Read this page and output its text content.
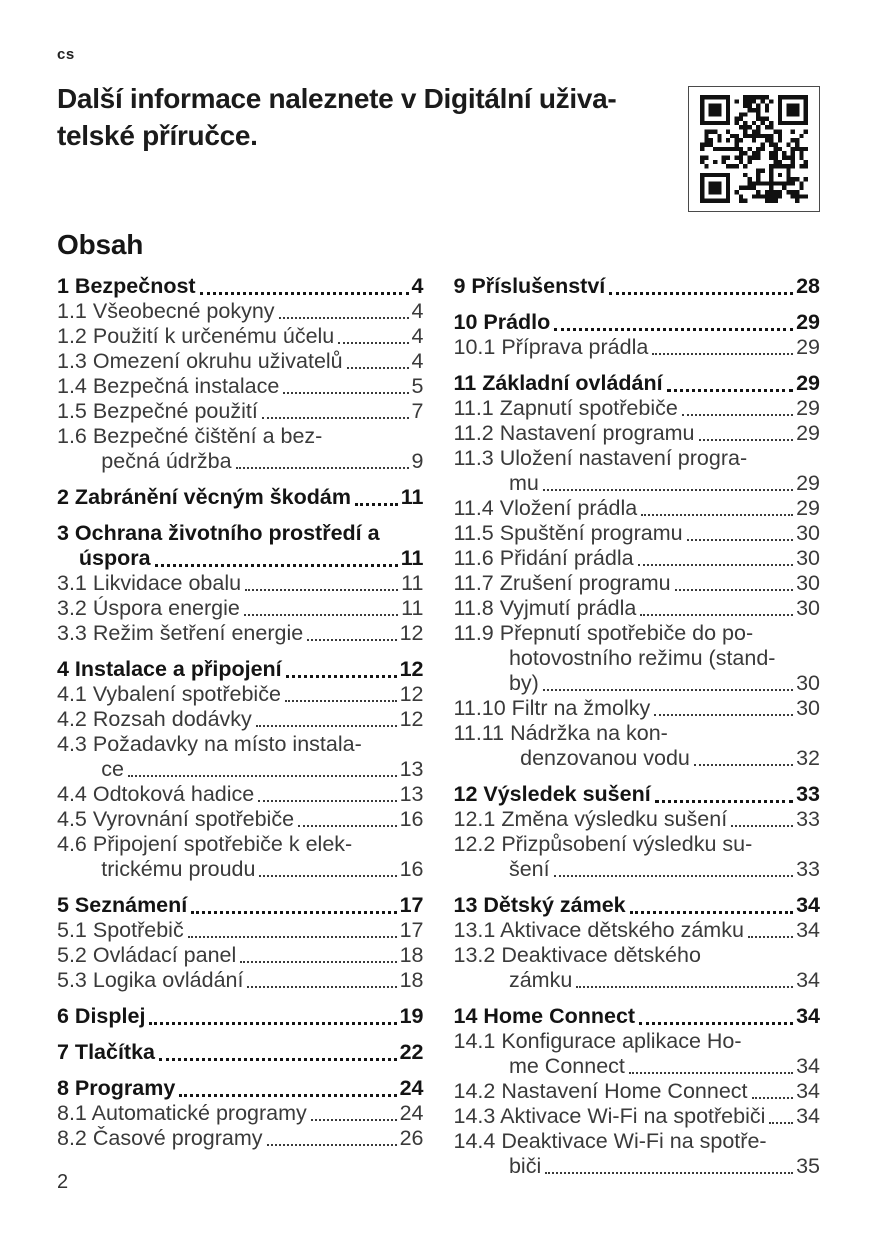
cs
Další informace naleznete v Digitální uživa-
telské příručce.
Obsah
1 Bezpečnost	4
1.1 Všeobecné pokyny	4
1.2 Použití k určenému účelu	4
1.3 Omezení okruhu uživatelů	4
1.4 Bezpečná instalace	5
1.5 Bezpečné použití	7
1.6 Bezpečné čištění a bez-
pečná údržba	9
2 Zabránění věcným škodám 11
3 Ochrana životního prostředí a
úspora	11
3.1 Likvidace obalu	11
3.2 Úspora energie	11
3.3 Režim šetření energie	12
4 Instalace a připojení	12
4.1 Vybalení spotřebiče	12
4.2 Rozsah dodávky	12
4.3 Požadavky na místo instala-
ce	13
4.4 Odtoková hadice	13
4.5 Vyrovnání spotřebiče	16
4.6 Připojení spotřebiče k elek-
trickému proudu	16
5 Seznámení	17
5.1 Spotřebič	17
5.2 Ovládací panel	18
5.3 Logika ovládání	18
6 Displej	19
7 Tlačítka	22
8 Programy	24
8.1 Automatické programy	24
8.2 Časové programy	26
9 Příslušenství	28
10 Prádlo	29
10.1 Příprava prádla	29
11 Základní ovládání	29
11.1 Zapnutí spotřebiče	29
11.2 Nastavení programu	29
11.3 Uložení nastavení progra-
mu	29
11.4 Vložení prádla	29
11.5 Spuštění programu	30
11.6 Přidání prádla	30
11.7 Zrušení programu	30
11.8 Vyjmutí prádla	30
11.9 Přepnutí spotřebiče do po-
hotovostního režimu (stand-
by)	30
11.10 Filtr na žmolky	30
11.11 Nádržka na kon-
denzovanou vodu	32
12 Výsledek sušení	33
12.1 Změna výsledku sušení	33
12.2 Přizpůsobení výsledku su-
šení	33
13 Dětský zámek	34
13.1 Aktivace dětského zámku 34
13.2 Deaktivace dětského
zámku	34
14 Home Connect	34
14.1 Konfigurace aplikace Ho-
me Connect	34
14.2 Nastavení Home Connect 34
14.3 Aktivace Wi-Fi na spotřebiči 34
14.4 Deaktivace Wi-Fi na spotře-
biči	35
2
